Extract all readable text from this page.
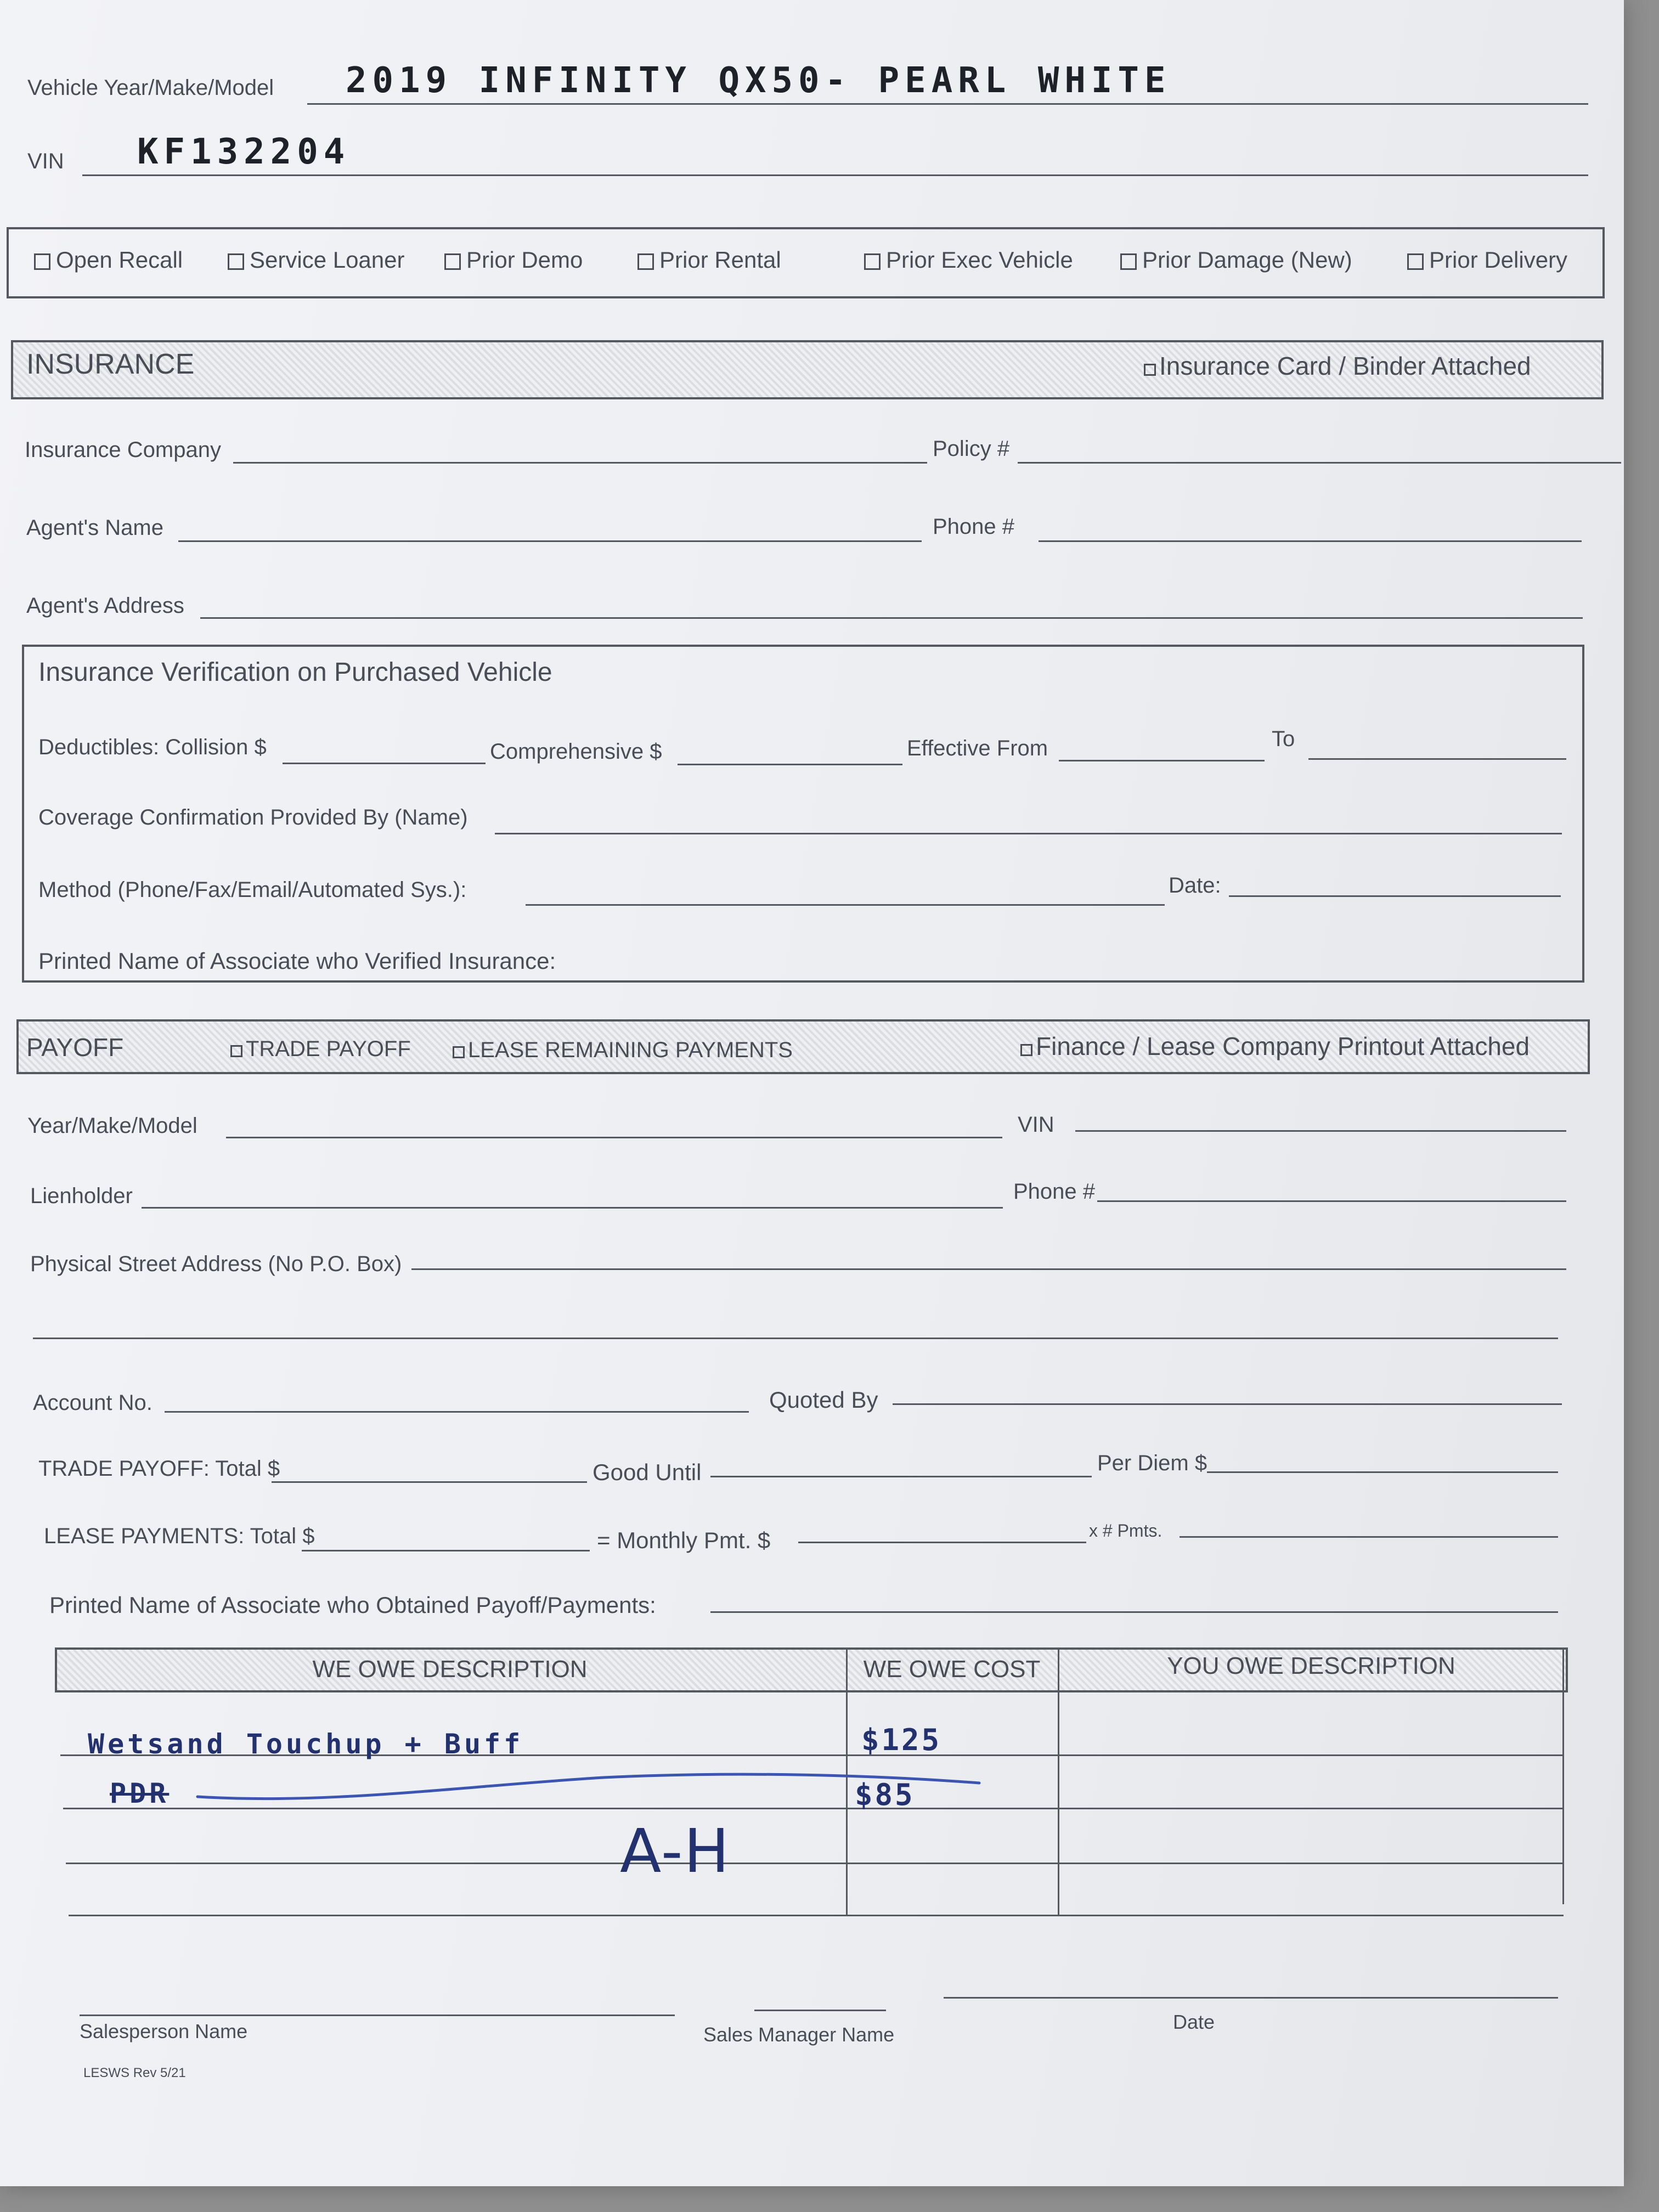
Vehicle Year/Make/Model 2019 INFINITY QX50- PEARL WHITE
VIN KF132204
Open Recall	Service Loaner	Prior Demo	Prior Rental	Prior Exec Vehicle	Prior Damage (New)	Prior Delivery
INSURANCE	Insurance Card / Binder Attached
Insurance Company	Policy #
Agent's Name	Phone #
Agent's Address
Insurance Verification on Purchased Vehicle
Deductibles: Collision $	Comprehensive $	Effective From	To
Coverage Confirmation Provided By (Name)
Method (Phone/Fax/Email/Automated Sys.):	Date:
Printed Name of Associate who Verified Insurance:
PAYOFF	TRADE PAYOFF	LEASE REMAINING PAYMENTS	Finance / Lease Company Printout Attached
Year/Make/Model	VIN
Lienholder	Phone #
Physical Street Address (No P.O. Box)
Account No.	Quoted By
TRADE PAYOFF: Total $	Good Until	Per Diem $
LEASE PAYMENTS: Total $	= Monthly Pmt. $	x # Pmts.
Printed Name of Associate who Obtained Payoff/Payments:
WE OWE DESCRIPTION	WE OWE COST	YOU OWE DESCRIPTION
Wetsand Touchup + Buff	$125
PDR	$85
A-H
Salesperson Name	Sales Manager Name
Date
LESWS Rev 5/21
